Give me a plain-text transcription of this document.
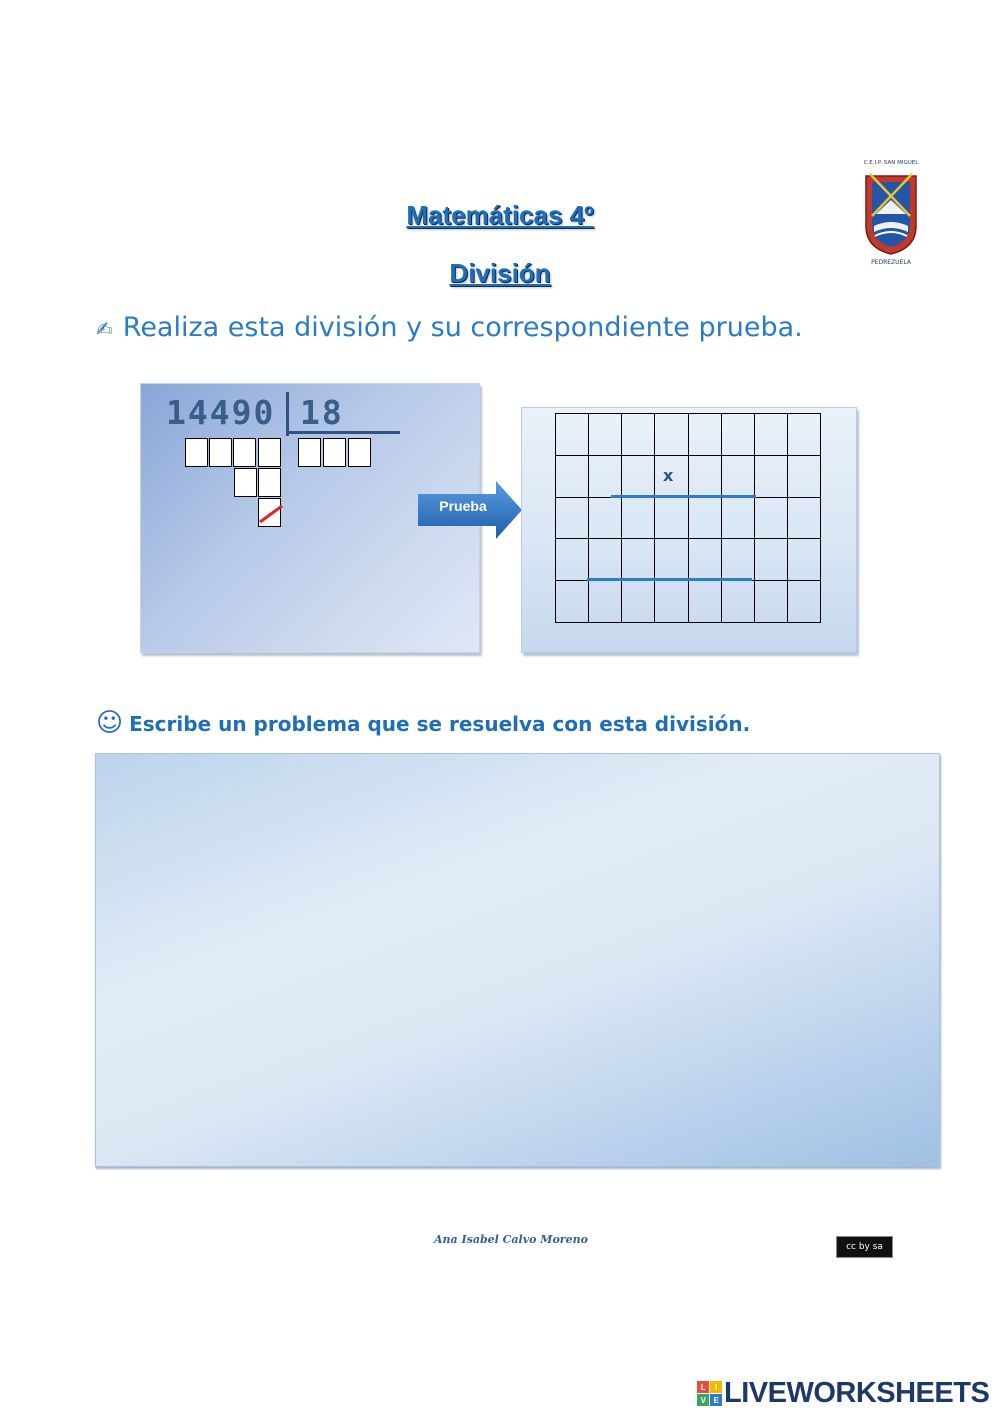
C.E.I.P. SAN MIGUEL
PEDREZUELA
Matemáticas 4º
División
✍ Realiza esta división y su correspondiente prueba.
14490 18
Prueba
x
☺ Escribe un problema que se resuelva con esta división.
Ana Isabel Calvo Moreno
cc by sa
L	I
V	E LIVEWORKSHEETS
